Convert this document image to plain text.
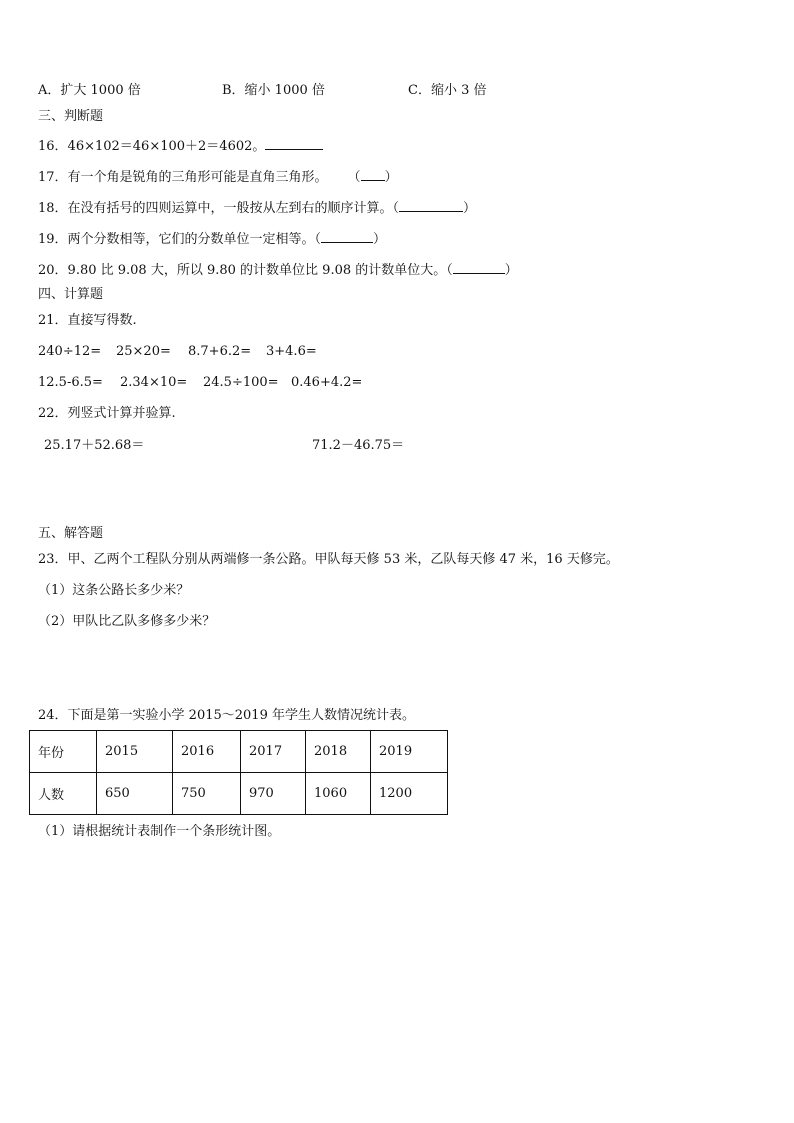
A．扩大 1000 倍	B．缩小 1000 倍	C．缩小 3 倍
三、判断题
16．46×102＝46×100＋2＝4602。
17．有一个角是锐角的三角形可能是直角三角形。 （ ）
18．在没有括号的四则运算中，一般按从左到右的顺序计算。（	）
19．两个分数相等，它们的分数单位一定相等。（	）
20．9.80 比 9.08 大，所以 9.80 的计数单位比 9.08 的计数单位大。（	）
四、计算题
21．直接写得数.
240÷12= 25×20= 8.7+6.2= 3+4.6=
12.5-6.5= 2.34×10= 24.5÷100= 0.46+4.2=
22．列竖式计算并验算.
25.17＋52.68＝	71.2－46.75＝
五、解答题
23．甲、乙两个工程队分别从两端修一条公路。甲队每天修 53 米，乙队每天修 47 米，16 天修完。
（1）这条公路长多少米？
（2）甲队比乙队多修多少米？
24．下面是第一实验小学 2015～2019 年学生人数情况统计表。
年份	2015	2016	2017	2018	2019
人数	650	750	970	1060	1200
（1）请根据统计表制作一个条形统计图。
